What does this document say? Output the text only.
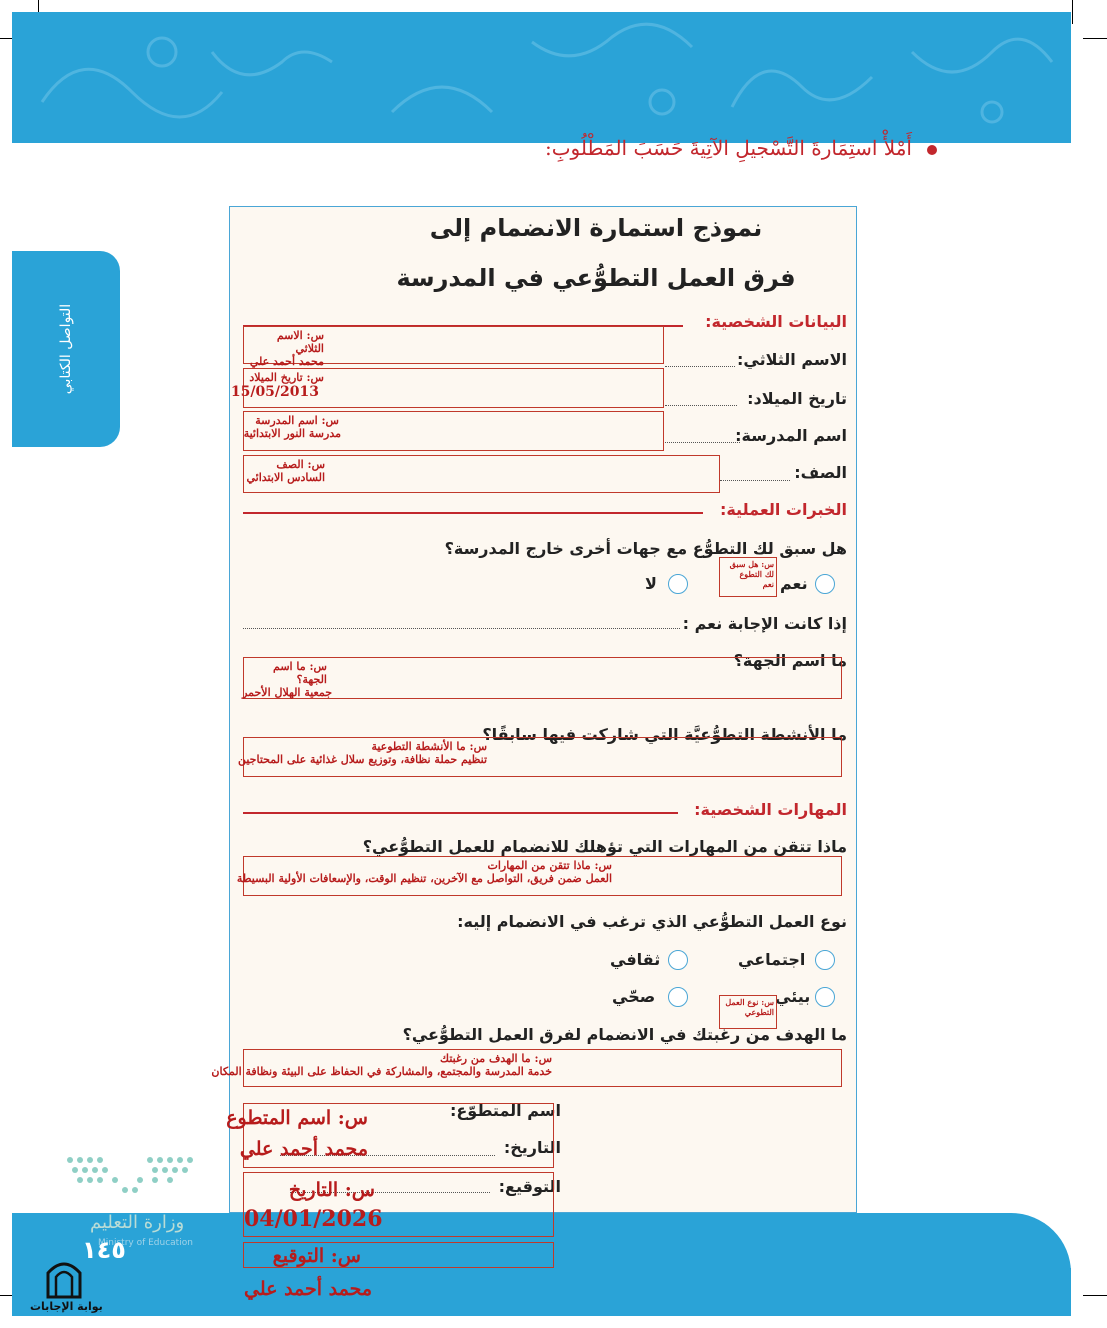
أَمْلأْ استِمَارةَ التَّسْجيلِ الآتِيةَ حَسَبَ المَطْلُوبِ:
التواصل الكتابي
وزارة التعليم
Ministry of Education
١٤٥
بوابة الإجابات
نموذج استمارة الانضمام إلى
فرق العمل التطوُّعي في المدرسة
البيانات الشخصية:
الاسم الثلاثي:
س: الاسم الثلاثي
محمد أحمد علي
تاريخ الميلاد:
س: تاريخ الميلاد
15/05/2013
اسم المدرسة:
س: اسم المدرسة
مدرسة النور الابتدائية
الصف:
س: الصف
السادس الابتدائي
الخبرات العملية:
هل سبق لك التطوُّع مع جهات أخرى خارج المدرسة؟
نعم
لا
س: هل سبق لك التطوع
نعم
إذا كانت الإجابة نعم :
ما اسم الجهة؟
س: ما اسم الجهة؟
جمعية الهلال الأحمر
ما الأنشطة التطوُّعيَّة التي شاركت فيها سابقًا؟
س: ما الأنشطة التطوعية
تنظيم حملة نظافة، وتوزيع سلال غذائية على المحتاجين
المهارات الشخصية:
ماذا تتقن من المهارات التي تؤهلك للانضمام للعمل التطوُّعي؟
س: ماذا تتقن من المهارات
العمل ضمن فريق، التواصل مع الآخرين، تنظيم الوقت، والإسعافات الأولية البسيطة
نوع العمل التطوُّعي الذي ترغب في الانضمام إليه:
اجتماعي
ثقافي
بيئي
صحّي	س: نوع العمل التطوعي
ما الهدف من رغبتك في الانضمام لفرق العمل التطوُّعي؟
س: ما الهدف من رغبتك
خدمة المدرسة والمجتمع، والمشاركة في الحفاظ على البيئة ونظافة المكان
اسم المتطوّع:
التاريخ:
التوقيع:
س: اسم المتطوع
محمد أحمد علي
س: التاريخ
04/01/2026
س: التوقيع
محمد أحمد علي
